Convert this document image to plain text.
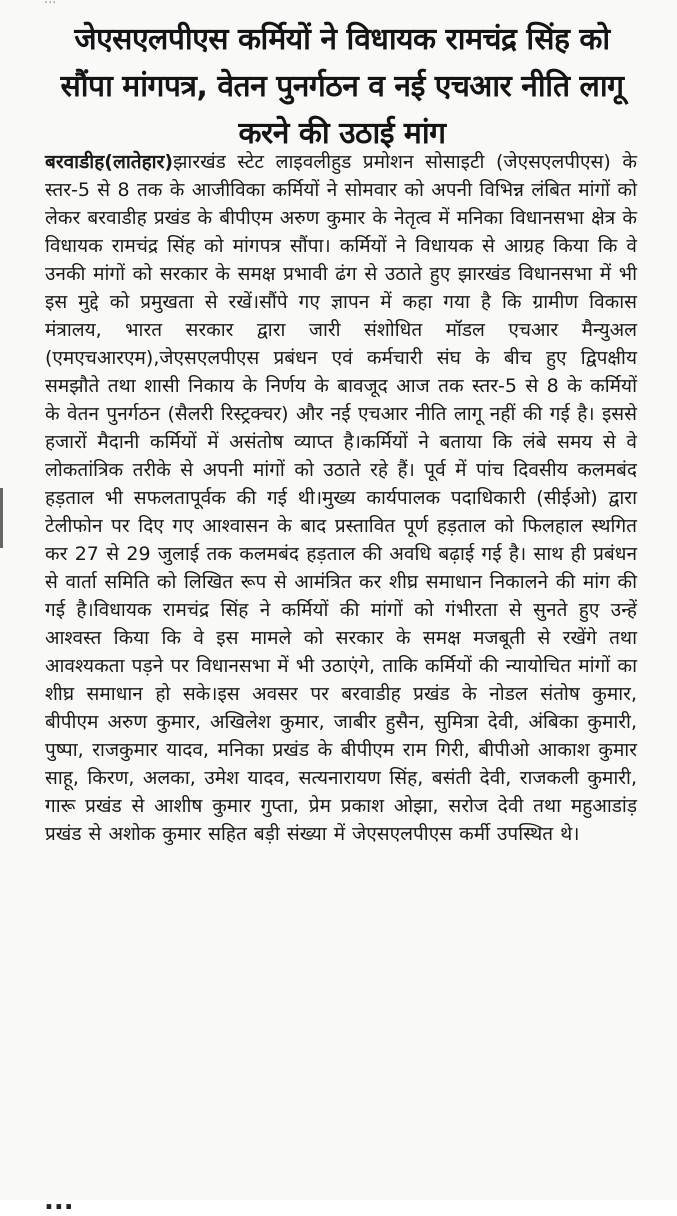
जेएसएलपीएस कर्मियों ने विधायक रामचंद्र सिंह को सौंपा मांगपत्र, वेतन पुनर्गठन व नई एचआर नीति लागू करने की उठाई मांग
बरवाडीह(लातेहार)झारखंड स्टेट लाइवलीहुड प्रमोशन सोसाइटी (जेएसएलपीएस) के स्तर-5 से 8 तक के आजीविका कर्मियों ने सोमवार को अपनी विभिन्न लंबित मांगों को लेकर बरवाडीह प्रखंड के बीपीएम अरुण कुमार के नेतृत्व में मनिका विधानसभा क्षेत्र के विधायक रामचंद्र सिंह को मांगपत्र सौंपा। कर्मियों ने विधायक से आग्रह किया कि वे उनकी मांगों को सरकार के समक्ष प्रभावी ढंग से उठाते हुए झारखंड विधानसभा में भी इस मुद्दे को प्रमुखता से रखें।सौंपे गए ज्ञापन में कहा गया है कि ग्रामीण विकास मंत्रालय, भारत सरकार द्वारा जारी संशोधित मॉडल एचआर मैन्युअल (एमएचआरएम),जेएसएलपीएस प्रबंधन एवं कर्मचारी संघ के बीच हुए द्विपक्षीय समझौते तथा शासी निकाय के निर्णय के बावजूद आज तक स्तर-5 से 8 के कर्मियों के वेतन पुनर्गठन (सैलरी रिस्ट्रक्चर) और नई एचआर नीति लागू नहीं की गई है। इससे हजारों मैदानी कर्मियों में असंतोष व्याप्त है।कर्मियों ने बताया कि लंबे समय से वे लोकतांत्रिक तरीके से अपनी मांगों को उठाते रहे हैं। पूर्व में पांच दिवसीय कलमबंद हड़ताल भी सफलतापूर्वक की गई थी।मुख्य कार्यपालक पदाधिकारी (सीईओ) द्वारा टेलीफोन पर दिए गए आश्वासन के बाद प्रस्तावित पूर्ण हड़ताल को फिलहाल स्थगित कर 27 से 29 जुलाई तक कलमबंद हड़ताल की अवधि बढ़ाई गई है। साथ ही प्रबंधन से वार्ता समिति को लिखित रूप से आमंत्रित कर शीघ्र समाधान निकालने की मांग की गई है।विधायक रामचंद्र सिंह ने कर्मियों की मांगों को गंभीरता से सुनते हुए उन्हें आश्वस्त किया कि वे इस मामले को सरकार के समक्ष मजबूती से रखेंगे तथा आवश्यकता पड़ने पर विधानसभा में भी उठाएंगे, ताकि कर्मियों की न्यायोचित मांगों का शीघ्र समाधान हो सके।इस अवसर पर बरवाडीह प्रखंड के नोडल संतोष कुमार, बीपीएम अरुण कुमार, अखिलेश कुमार, जाबीर हुसैन, सुमित्रा देवी, अंबिका कुमारी, पुष्पा, राजकुमार यादव, मनिका प्रखंड के बीपीएम राम गिरी, बीपीओ आकाश कुमार साहू, किरण, अलका, उमेश यादव, सत्यनारायण सिंह, बसंती देवी, राजकली कुमारी, गारू प्रखंड से आशीष कुमार गुप्ता, प्रेम प्रकाश ओझा, सरोज देवी तथा महुआडांड़ प्रखंड से अशोक कुमार सहित बड़ी संख्या में जेएसएलपीएस कर्मी उपस्थित थे।
...
